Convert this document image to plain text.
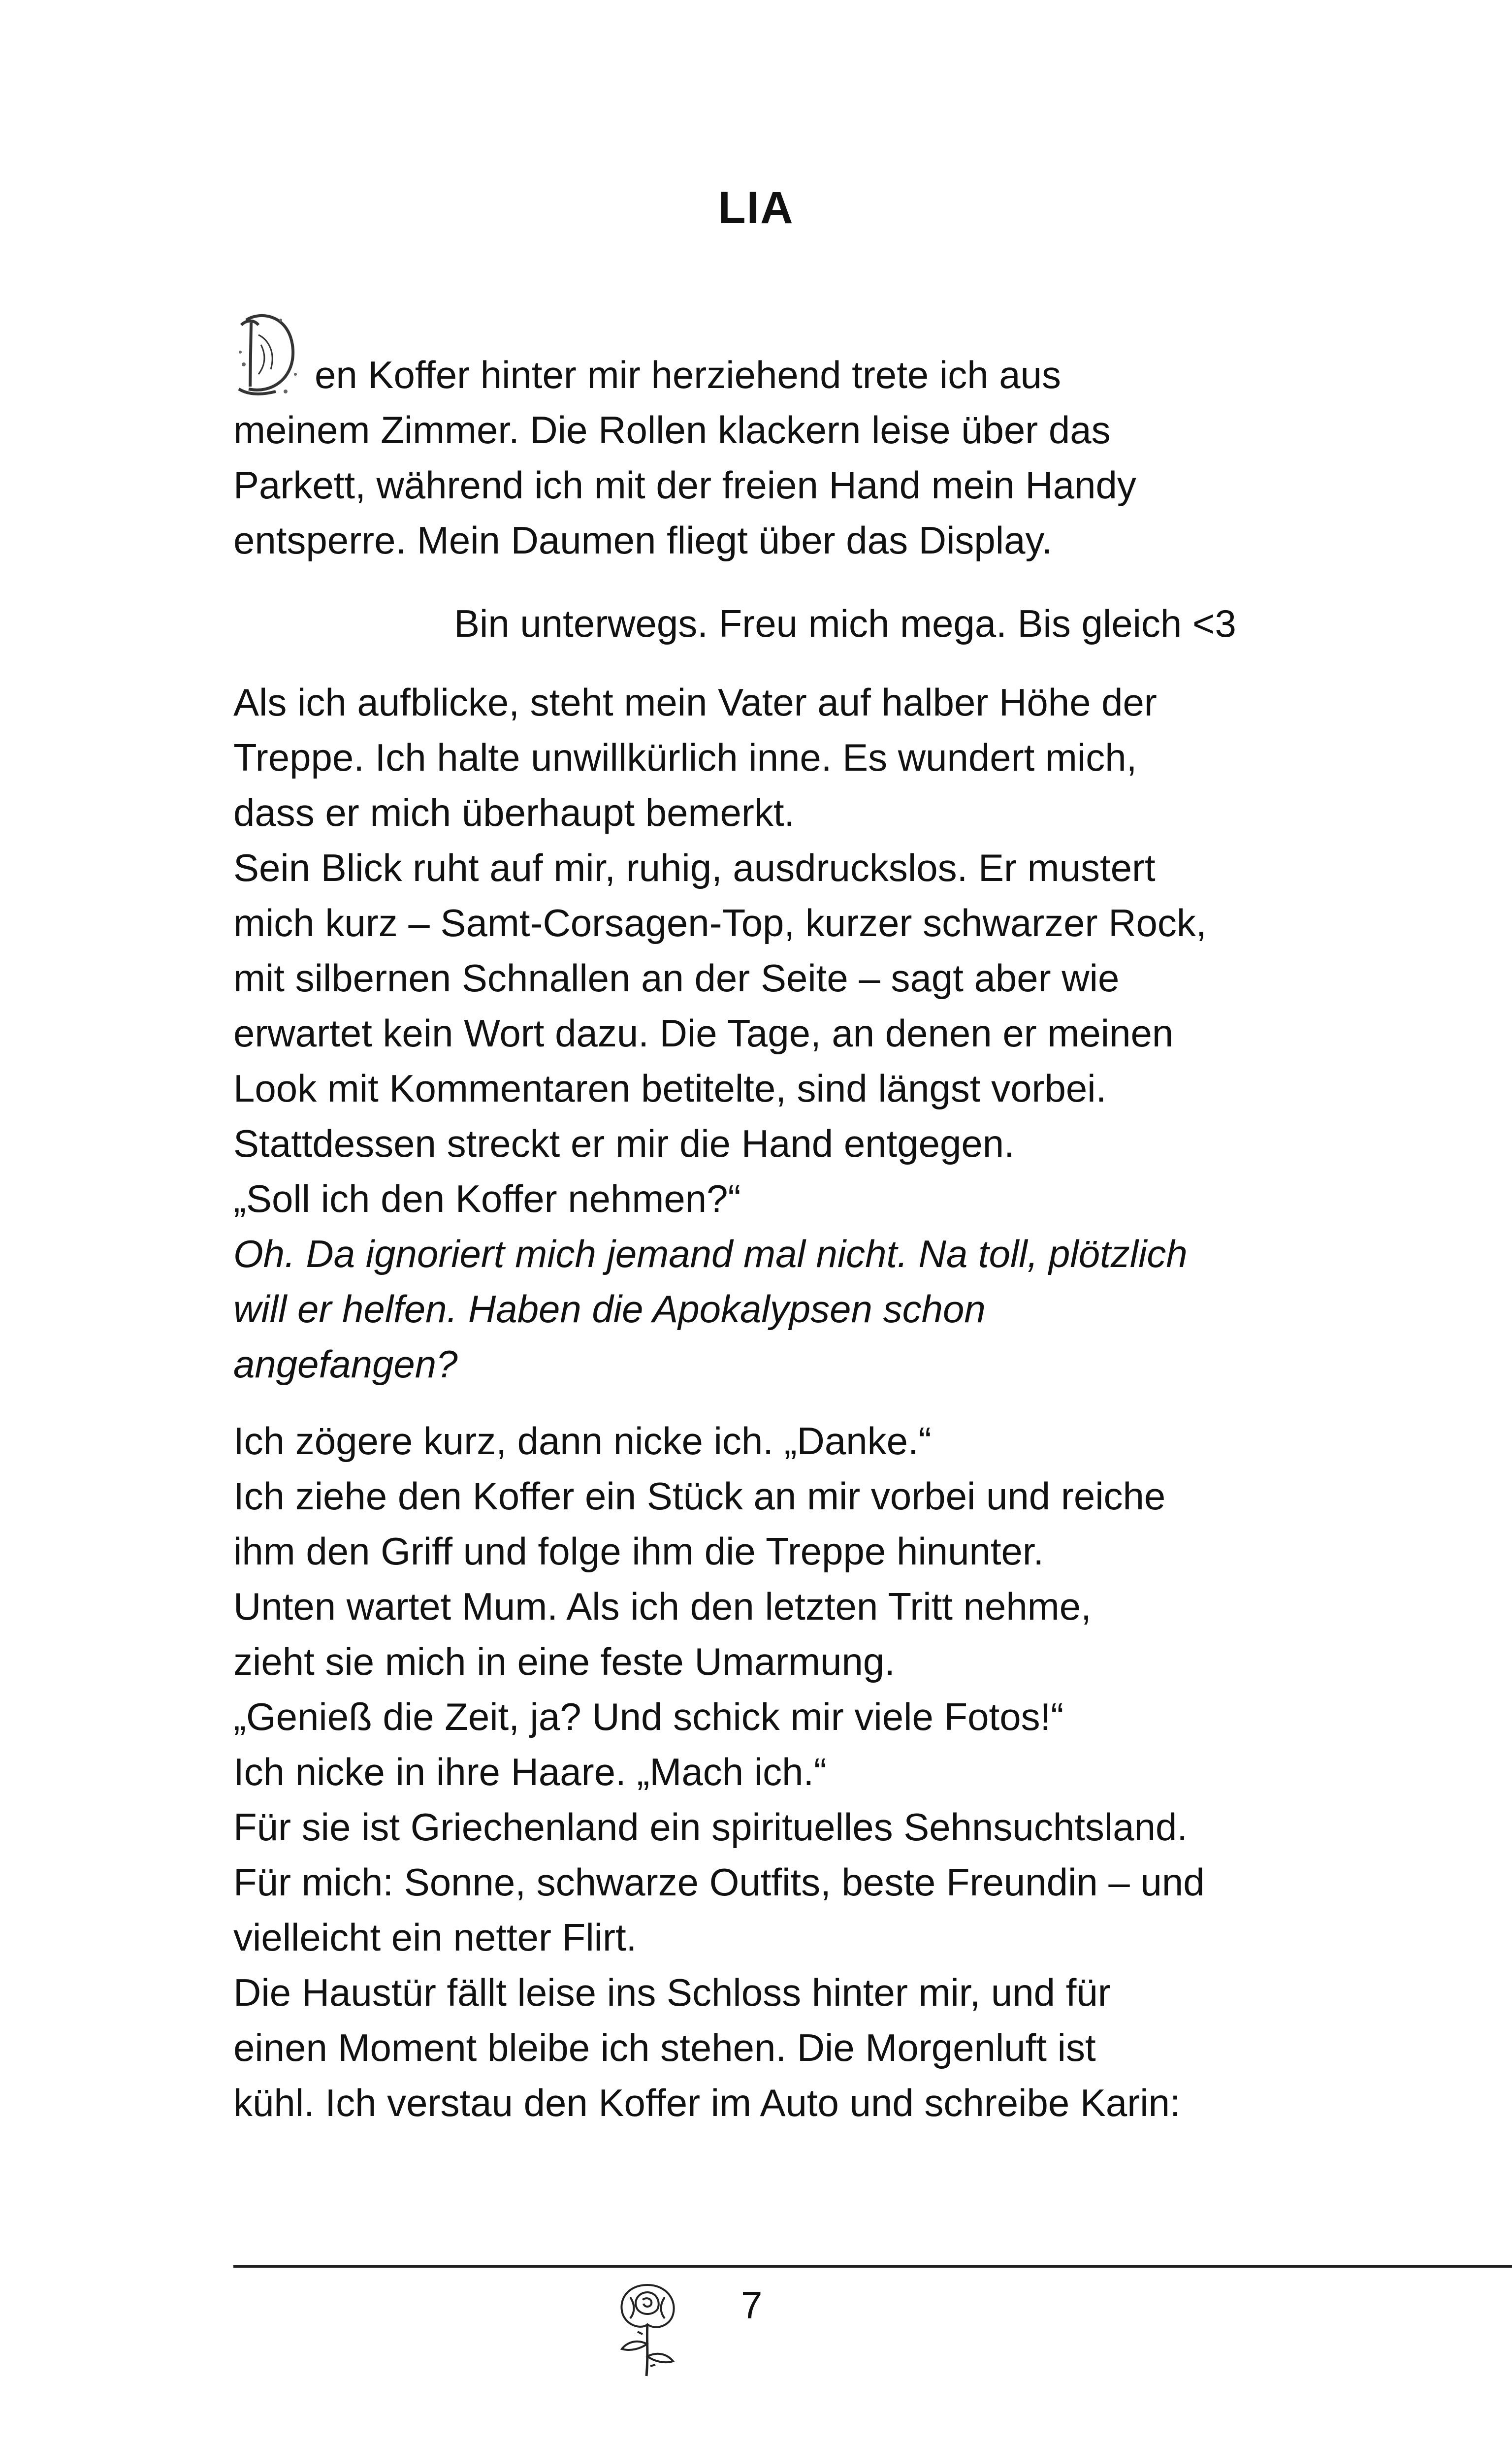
LIA

en Koffer hinter mir herziehend trete ich aus

meinem Zimmer. Die Rollen klackern leise über das

Parkett, während ich mit der freien Hand mein Handy

entsperre. Mein Daumen fliegt über das Display.

Bin unterwegs. Freu mich mega. Bis gleich <3

Als ich aufblicke, steht mein Vater auf halber Höhe der

Treppe. Ich halte unwillkürlich inne. Es wundert mich,

dass er mich überhaupt bemerkt.

Sein Blick ruht auf mir, ruhig, ausdruckslos. Er mustert

mich kurz – Samt-Corsagen-Top, kurzer schwarzer Rock,

mit silbernen Schnallen an der Seite – sagt aber wie

erwartet kein Wort dazu. Die Tage, an denen er meinen

Look mit Kommentaren betitelte, sind längst vorbei.

Stattdessen streckt er mir die Hand entgegen.

„Soll ich den Koffer nehmen?“

Oh. Da ignoriert mich jemand mal nicht. Na toll, plötzlich

will er helfen. Haben die Apokalypsen schon

angefangen?

Ich zögere kurz, dann nicke ich. „Danke.“

Ich ziehe den Koffer ein Stück an mir vorbei und reiche

ihm den Griff und folge ihm die Treppe hinunter.

Unten wartet Mum. Als ich den letzten Tritt nehme,

zieht sie mich in eine feste Umarmung.

„Genieß die Zeit, ja? Und schick mir viele Fotos!“

Ich nicke in ihre Haare. „Mach ich.“

Für sie ist Griechenland ein spirituelles Sehnsuchtsland.

Für mich: Sonne, schwarze Outfits, beste Freundin – und

vielleicht ein netter Flirt.

Die Haustür fällt leise ins Schloss hinter mir, und für

einen Moment bleibe ich stehen. Die Morgenluft ist

kühl. Ich verstau den Koffer im Auto und schreibe Karin:

7
